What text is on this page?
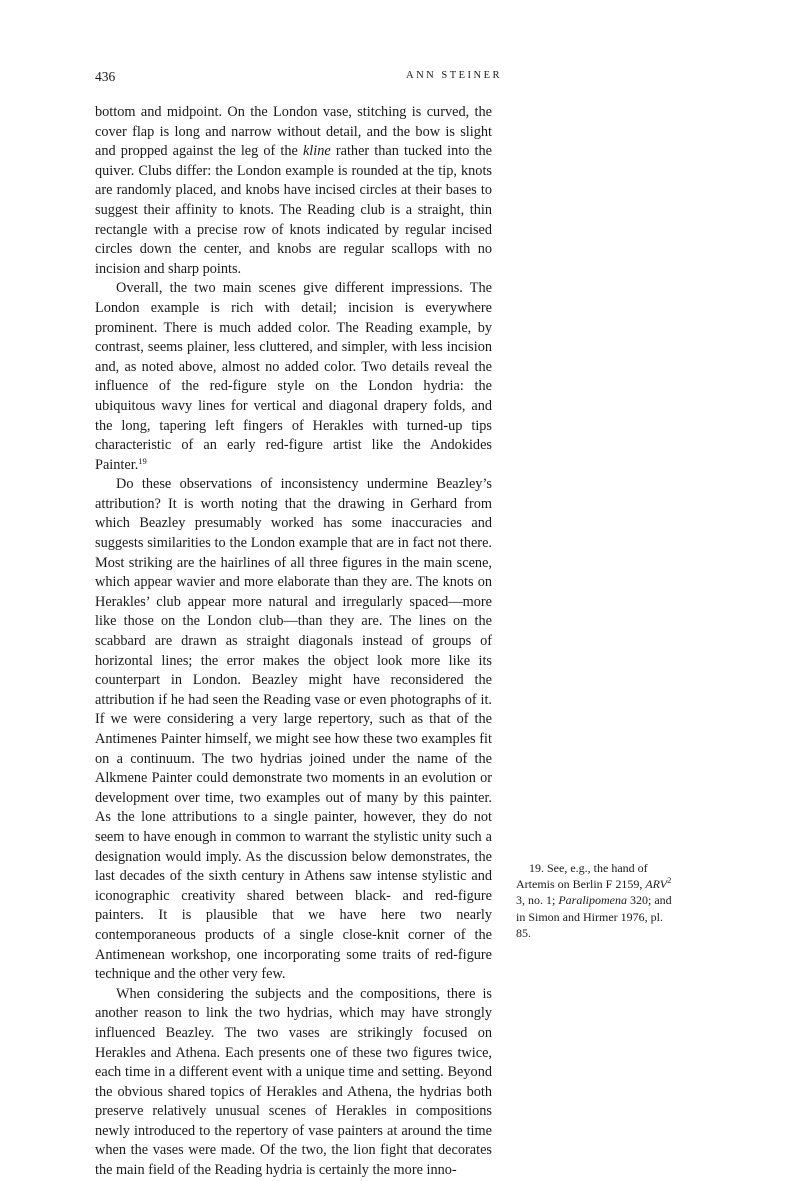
436	ANN STEINER

bottom and midpoint. On the London vase, stitching is curved, the cover flap is long and narrow without detail, and the bow is slight and propped against the leg of the kline rather than tucked into the quiver. Clubs differ: the London example is rounded at the tip, knots are randomly placed, and knobs have incised circles at their bases to suggest their affinity to knots. The Reading club is a straight, thin rectangle with a precise row of knots indicated by regular incised circles down the center, and knobs are regular scallops with no incision and sharp points.

Overall, the two main scenes give different impressions. The London example is rich with detail; incision is everywhere prominent. There is much added color. The Reading example, by contrast, seems plainer, less cluttered, and simpler, with less incision and, as noted above, almost no added color. Two details reveal the influence of the red-figure style on the London hydria: the ubiquitous wavy lines for vertical and diagonal drapery folds, and the long, tapering left fingers of Herakles with turned-up tips characteristic of an early red-figure artist like the Andokides Painter.$^{19}$

Do these observations of inconsistency undermine Beazley’s attribution? It is worth noting that the drawing in Gerhard from which Beazley presumably worked has some inaccuracies and suggests similarities to the London example that are in fact not there. Most striking are the hairlines of all three figures in the main scene, which appear wavier and more elaborate than they are. The knots on Herakles’ club appear more natural and irregularly spaced—more like those on the London club—than they are. The lines on the scabbard are drawn as straight diagonals instead of groups of horizontal lines; the error makes the object look more like its counterpart in London. Beazley might have reconsidered the attribution if he had seen the Reading vase or even photographs of it. If we were considering a very large repertory, such as that of the Antimenes Painter himself, we might see how these two examples fit on a continuum. The two hydrias joined under the name of the Alkmene Painter could demonstrate two moments in an evolution or development over time, two examples out of many by this painter. As the lone attributions to a single painter, however, they do not seem to have enough in common to warrant the stylistic unity such a designation would imply. As the discussion below demonstrates, the last decades of the sixth century in Athens saw intense stylistic and iconographic creativity shared between black- and red-figure painters. It is plausible that we have here two nearly contemporaneous products of a single close-knit corner of the Antimenean workshop, one incorporating some traits of red-figure technique and the other very few.

When considering the subjects and the compositions, there is another reason to link the two hydrias, which may have strongly influenced Beazley. The two vases are strikingly focused on Herakles and Athena. Each presents one of these two figures twice, each time in a different event with a unique time and setting. Beyond the obvious shared topics of Herakles and Athena, the hydrias both preserve relatively unusual scenes of Herakles in compositions newly introduced to the repertory of vase painters at around the time when the vases were made. Of the two, the lion fight that decorates the main field of the Reading hydria is certainly the more inno-

19. See, e.g., the hand of Artemis on Berlin F 2159, ARV$^2$ 3, no. 1; Paralipomena 320; and in Simon and Hirmer 1976, pl. 85.
